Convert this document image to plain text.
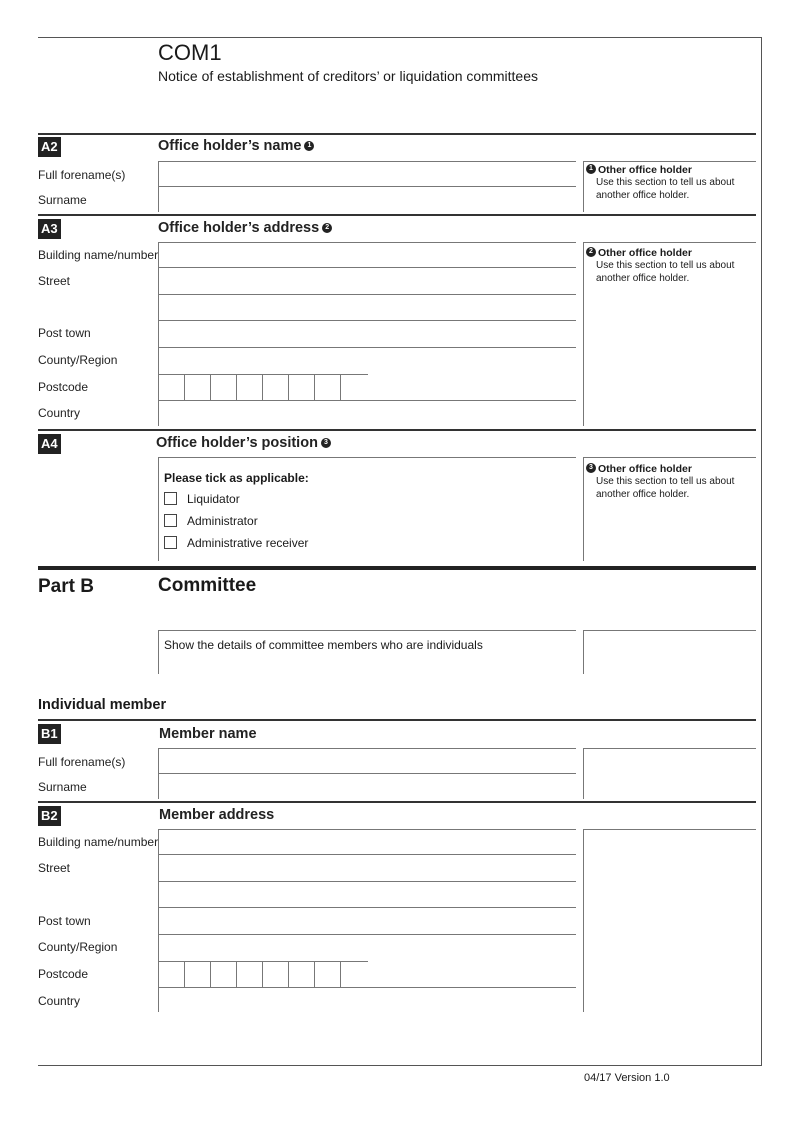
COM1
Notice of establishment of creditors’ or liquidation committees
A2	Office holder’s name 1
Full forename(s)
Surname
1 Other office holder
Use this section to tell us about another office holder.
A3	Office holder’s address 2
Building name/number
Street
Post town
County/Region
Postcode
Country
2 Other office holder
Use this section to tell us about another office holder.
A4	Office holder’s position 3
Please tick as applicable:
Liquidator
Administrator
Administrative receiver
3 Other office holder
Use this section to tell us about another office holder.
Part B	Committee
Show the details of committee members who are individuals
Individual member
B1	Member name
Full forename(s)
Surname
B2	Member address
Building name/number
Street
Post town
County/Region
Postcode
Country
04/17 Version 1.0
